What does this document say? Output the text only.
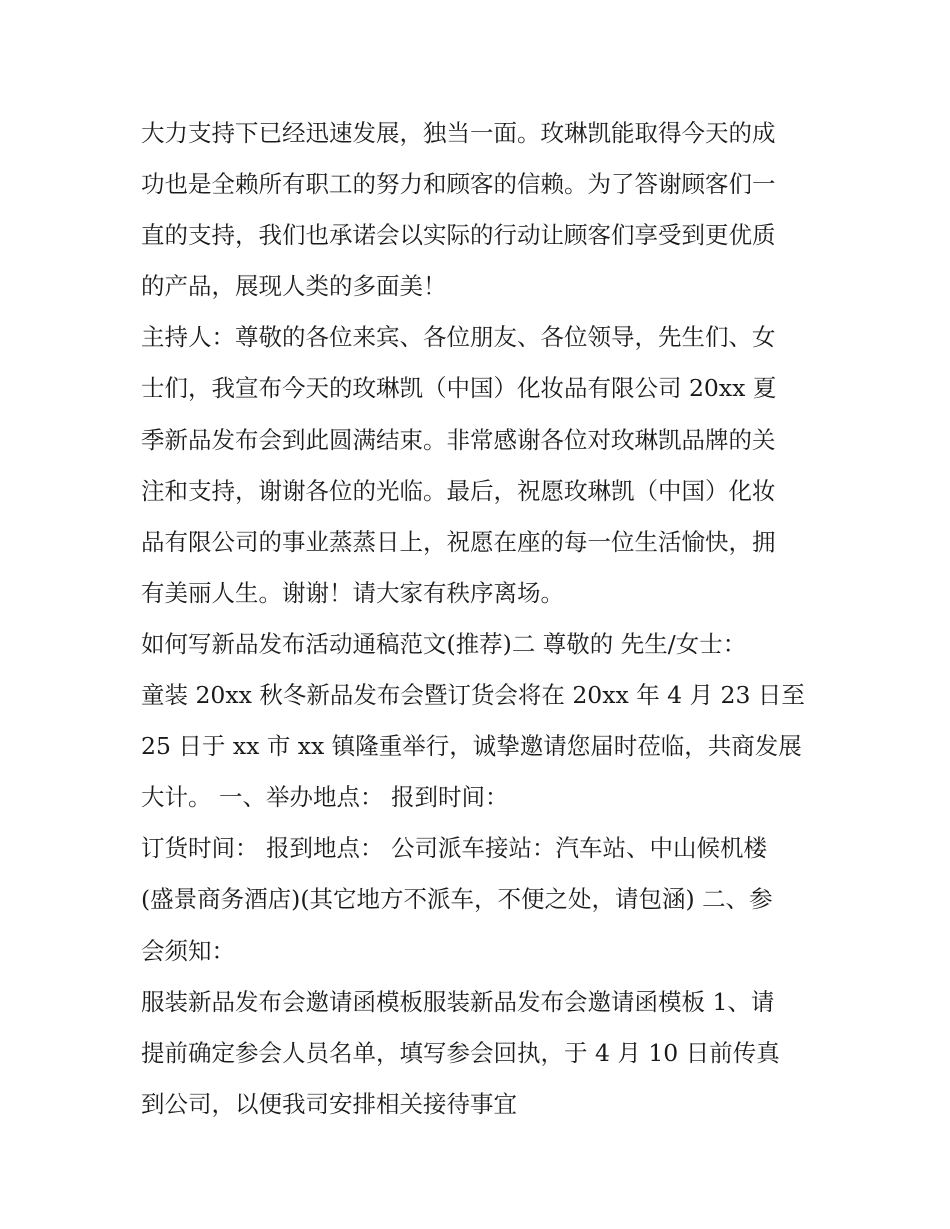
大力支持下已经迅速发展，独当一面。玫琳凯能取得今天的成
功也是全赖所有职工的努力和顾客的信赖。为了答谢顾客们一
直的支持，我们也承诺会以实际的行动让顾客们享受到更优质
的产品，展现人类的多面美！
主持人：尊敬的各位来宾、各位朋友、各位领导，先生们、女
士们，我宣布今天的玫琳凯（中国）化妆品有限公司 20xx 夏
季新品发布会到此圆满结束。非常感谢各位对玫琳凯品牌的关
注和支持，谢谢各位的光临。最后，祝愿玫琳凯（中国）化妆
品有限公司的事业蒸蒸日上，祝愿在座的每一位生活愉快，拥
有美丽人生。谢谢！请大家有秩序离场。
如何写新品发布活动通稿范文(推荐)二 尊敬的 先生/女士：
童装 20xx 秋冬新品发布会暨订货会将在 20xx 年 4 月 23 日至
25 日于 xx 市 xx 镇隆重举行，诚挚邀请您届时莅临，共商发展
大计。 一、举办地点： 报到时间：
订货时间： 报到地点： 公司派车接站：汽车站、中山候机楼
(盛景商务酒店)(其它地方不派车，不便之处，请包涵) 二、参
会须知：
服装新品发布会邀请函模板服装新品发布会邀请函模板 1、请
提前确定参会人员名单，填写参会回执，于 4 月 10 日前传真
到公司，以便我司安排相关接待事宜
